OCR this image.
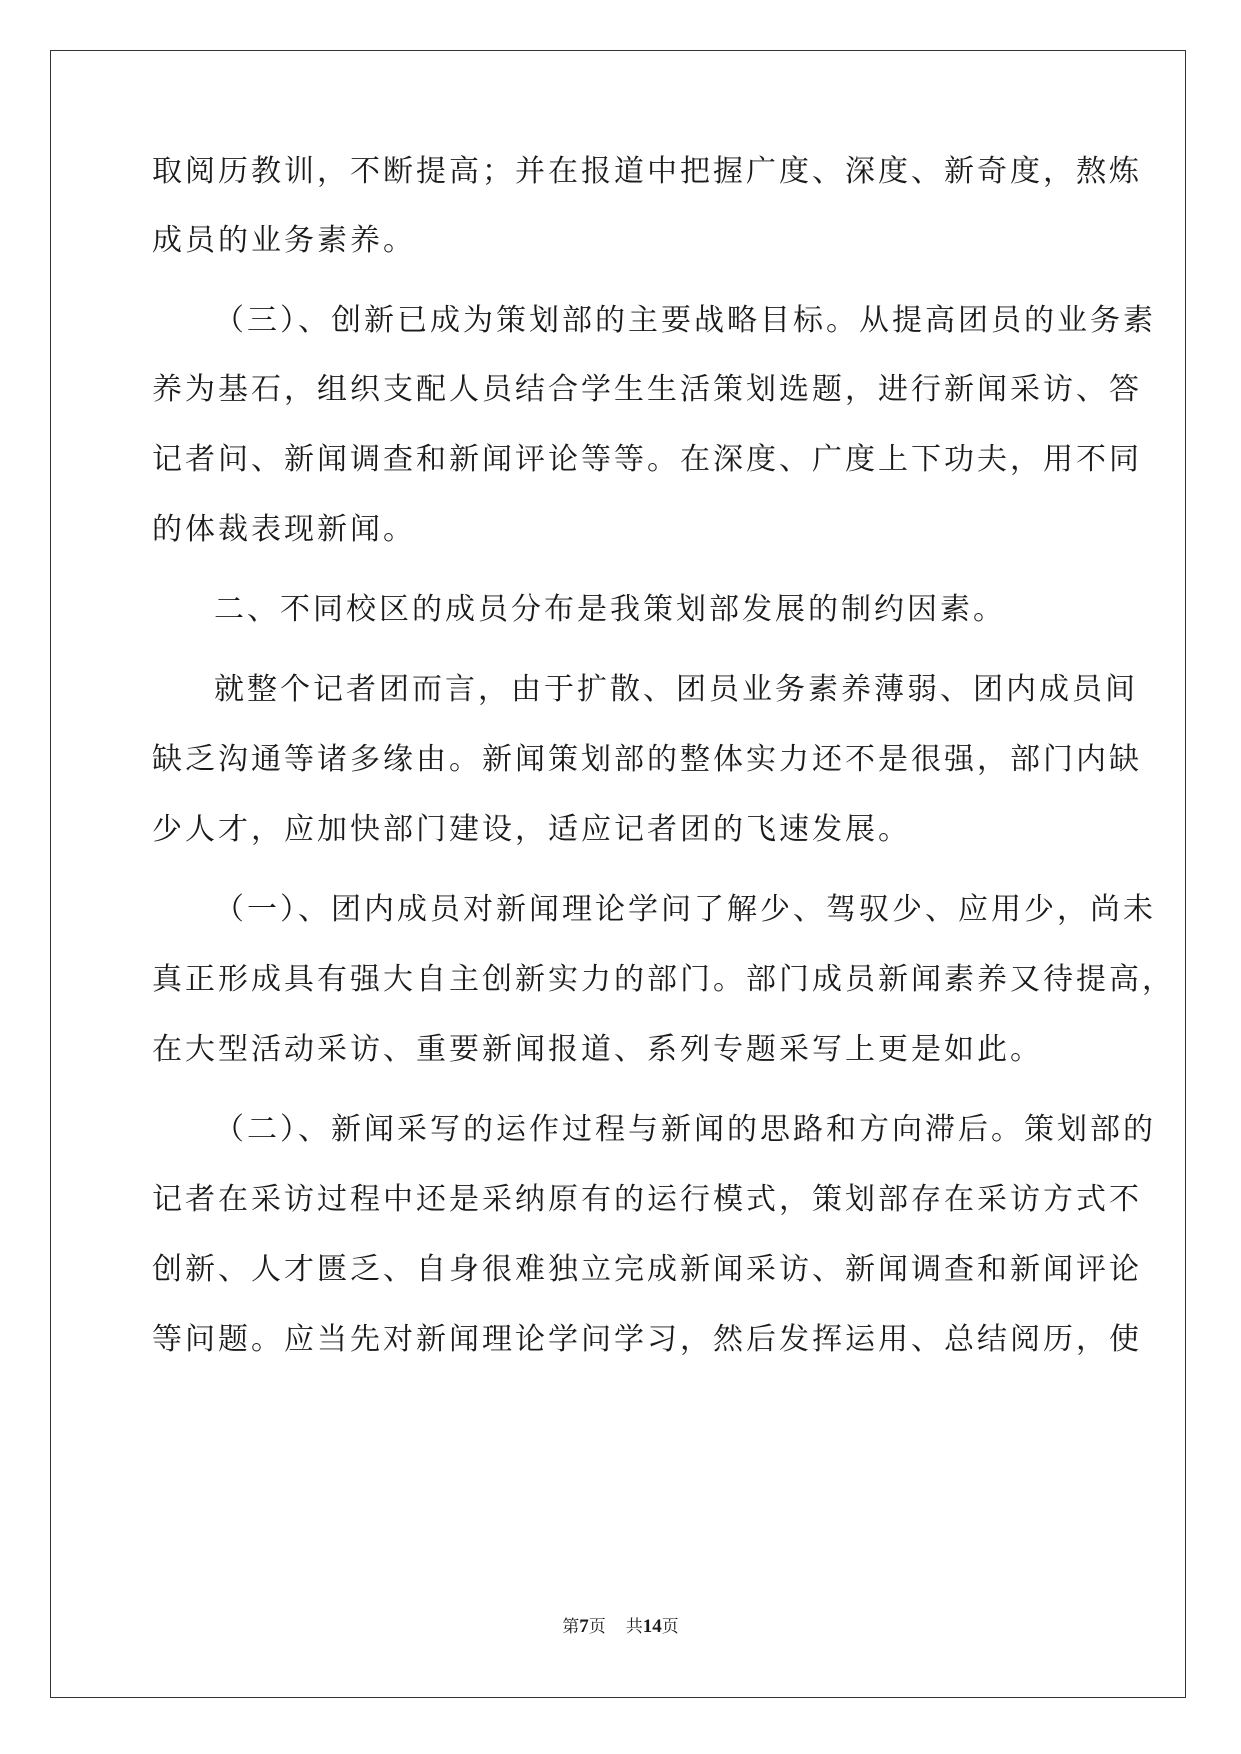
取阅历教训，不断提高；并在报道中把握广度、深度、新奇度，熬炼
成员的业务素养。
（三）、创新已成为策划部的主要战略目标。从提高团员的业务素
养为基石，组织支配人员结合学生生活策划选题，进行新闻采访、答
记者问、新闻调查和新闻评论等等。在深度、广度上下功夫，用不同
的体裁表现新闻。
二、不同校区的成员分布是我策划部发展的制约因素。
就整个记者团而言，由于扩散、团员业务素养薄弱、团内成员间
缺乏沟通等诸多缘由。新闻策划部的整体实力还不是很强，部门内缺
少人才，应加快部门建设，适应记者团的飞速发展。
（一）、团内成员对新闻理论学问了解少、驾驭少、应用少，尚未
真正形成具有强大自主创新实力的部门。部门成员新闻素养又待提高，
在大型活动采访、重要新闻报道、系列专题采写上更是如此。
（二）、新闻采写的运作过程与新闻的思路和方向滞后。策划部的
记者在采访过程中还是采纳原有的运行模式，策划部存在采访方式不
创新、人才匮乏、自身很难独立完成新闻采访、新闻调查和新闻评论
等问题。应当先对新闻理论学问学习，然后发挥运用、总结阅历，使
第7页 共14页
